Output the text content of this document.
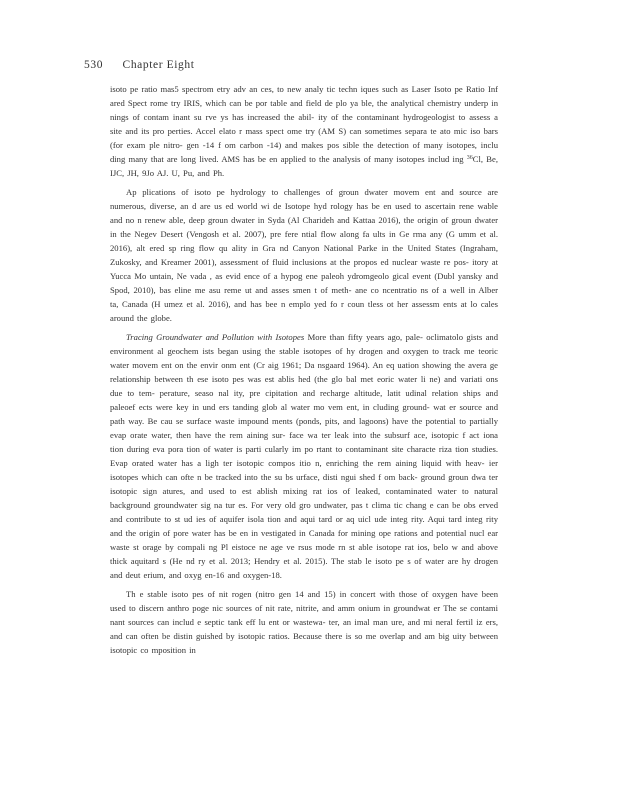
530 Chapter Eight

isoto pe ratio mas5 spectrom etry adv an ces, to new analy tic techn iques such as Laser Isoto pe Ratio Inf ared Spect rome try IRIS, which can be por table and field de plo ya ble, the analytical chemistry underp in nings of contam inant su rve ys has increased the abil- ity of the contaminant hydrogeologist to assess a site and its pro perties. Accel elato r mass spect ome try (AM S) can sometimes separa te ato mic iso bars (for exam ple nitro- gen -14 f om carbon -14) and makes pos sible the detection of many isotopes, inclu ding many that are long lived. AMS has be en applied to the analysis of many isotopes includ ing $^{36}$Cl, Be, IJC, JH, 9Jo AJ. U, Pu, and Ph.

Ap plications of isoto pe hydrology to challenges of groun dwater movem ent and source are numerous, diverse, an d are us ed world wi de Isotope hyd rology has be en used to ascertain rene wable and no n renew able, deep groun dwater in Syda (Al Charideh and Kattaa 2016), the origin of groun dwater in the Negev Desert (Vengosh et al. 2007), pre fere ntial flow along fa ults in Ge rma any (G umm et al. 2016), alt ered sp ring flow qu ality in Gra nd Canyon National Parke in the United States (Ingraham, Zukosky, and Kreamer 2001), assessment of fluid inclusions at the propos ed nuclear waste re pos- itory at Yucca Mo untain, Ne vada , as evid ence of a hypog ene paleoh ydromgeolo gical event (Dubl yansky and Spod, 2010), bas eline me asu reme ut and asses smen t of meth- ane co ncentratio ns of a well in Alber ta, Canada (H umez et al. 2016), and has bee n emplo yed fo r coun tless ot her assessm ents at lo cales around the globe.

Tracing Groundwater and Pollution with Isotopes More than fifty years ago, pale- oclimatolo gists and environment al geochem ists began using the stable isotopes of hy drogen and oxygen to track me teoric water movem ent on the envir onm ent (Cr aig 1961; Da nsgaard 1964). An eq uation showing the avera ge relationship between th ese isoto pes was est ablis hed (the glo bal met eoric water li ne) and variati ons due to tem- perature, seaso nal ity, pre cipitation and recharge altitude, latit udinal relation ships and paleoef ects were key in und ers tanding glob al water mo vem ent, in cluding ground- wat er source and path way. Be cau se surface waste impound ments (ponds, pits, and lagoons) have the potential to partially evap orate water, then have the rem aining sur- face wa ter leak into the subsurf ace, isotopic f act iona tion during eva pora tion of water is parti cularly im po rtant to contaminant site characte riza tion studies. Evap orated water has a ligh ter isotopic compos itio n, enriching the rem aining liquid with heav- ier isotopes which can ofte n be tracked into the su bs urface, disti ngui shed f om back- ground groun dwa ter isotopic sign atures, and used to est ablish mixing rat ios of leaked, contaminated water to natural background groundwater sig na tur es. For very old gro undwater, pas t clima tic chang e can be obs erved and contribute to st ud ies of aquifer isola tion and aqui tard or aq uicl ude integ rity. Aqui tard integ rity and the origin of pore water has be en in vestigated in Canada for mining ope rations and potential nucl ear waste st orage by compali ng Pl eistoce ne age ve rsus mode rn st able isotope rat ios, belo w and above thick aquitard s (He nd ry et al. 2013; Hendry et al. 2015). The stab le isoto pe s of water are hy drogen and deut erium, and oxyg en-16 and oxygen-18.

Th e stable isoto pes of nit rogen (nitro gen 14 and 15) in concert with those of oxygen have been used to discern anthro poge nic sources of nit rate, nitrite, and amm onium in groundwat er The se contami nant sources can includ e septic tank eff lu ent or wastewa- ter, an imal man ure, and mi neral fertil iz ers, and can often be distin guished by isotopic ratios. Because there is so me overlap and am big uity between isotopic co mposition in
